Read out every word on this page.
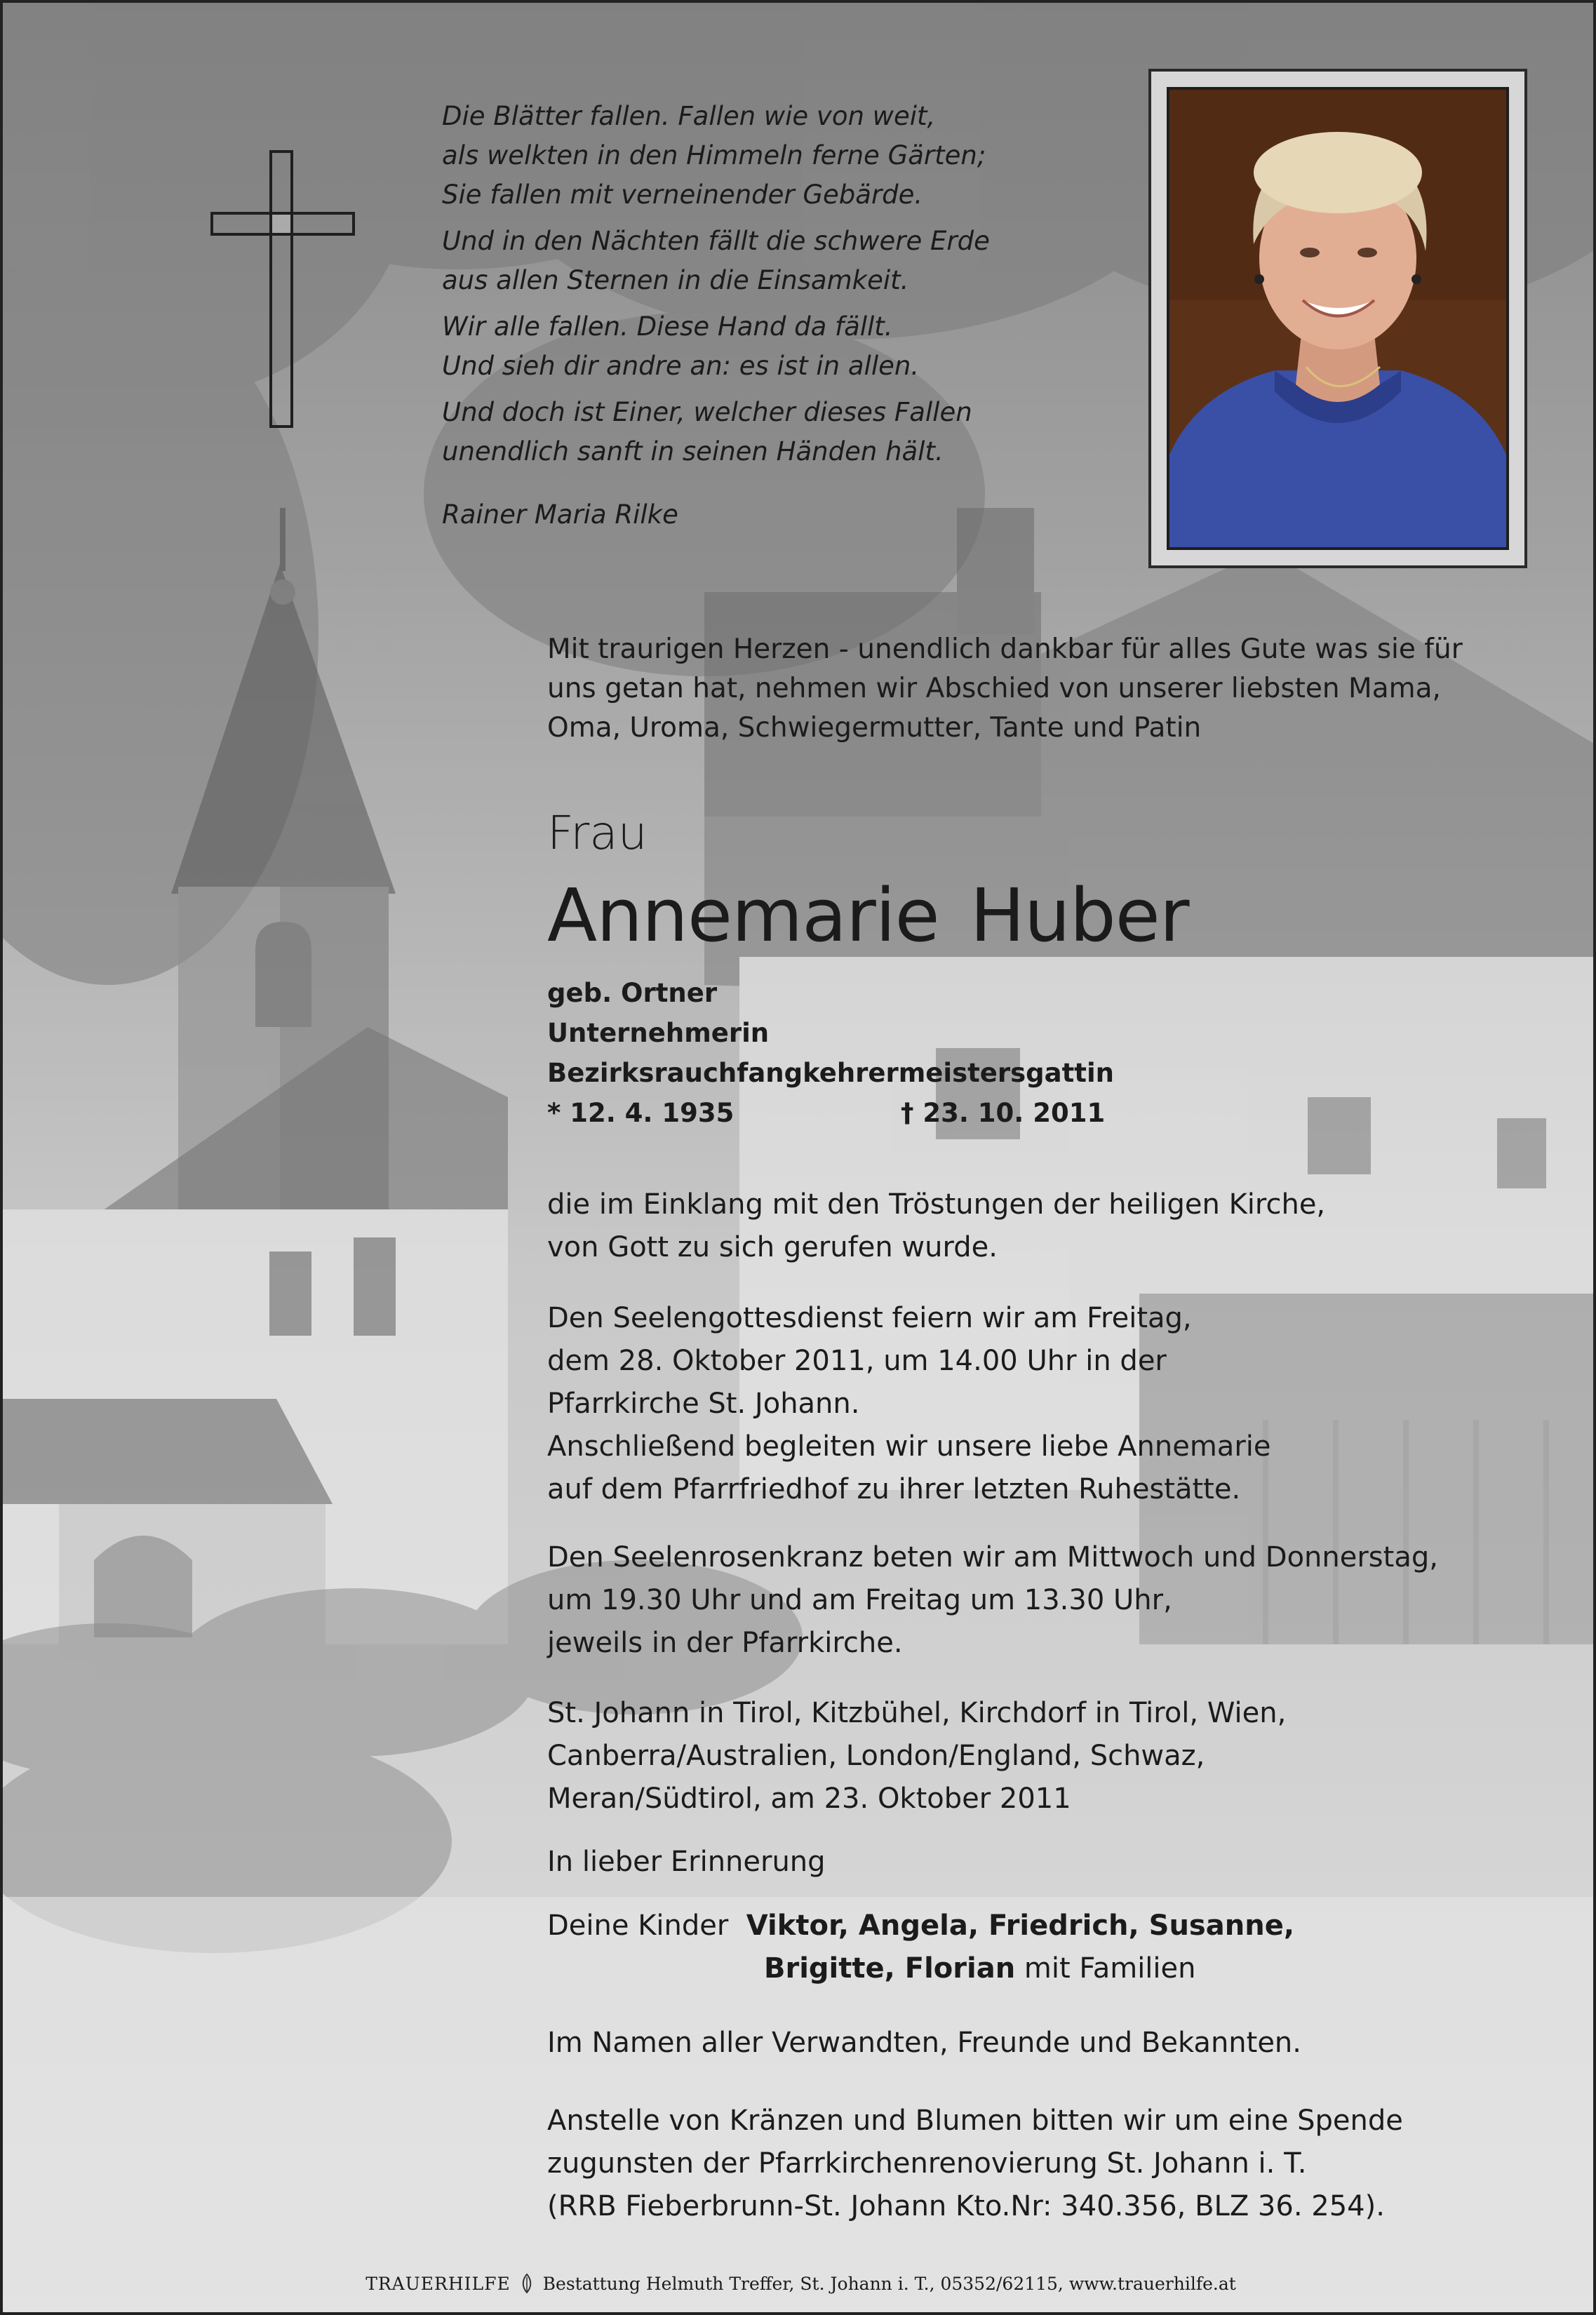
Die Blätter fallen. Fallen wie von weit,
als welkten in den Himmeln ferne Gärten;
Sie fallen mit verneinender Gebärde.
Und in den Nächten fällt die schwere Erde
aus allen Sternen in die Einsamkeit.
Wir alle fallen. Diese Hand da fällt.
Und sieh dir andre an: es ist in allen.
Und doch ist Einer, welcher dieses Fallen
unendlich sanft in seinen Händen hält.
Rainer Maria Rilke
Mit traurigen Herzen - unendlich dankbar für alles Gute was sie für
uns getan hat, nehmen wir Abschied von unserer liebsten Mama,
Oma, Uroma, Schwiegermutter, Tante und Patin
Frau
Annemarie Huber
geb. Ortner
Unternehmerin
Bezirksrauchfangkehrermeistersgattin
* 12. 4. 1935	† 23. 10. 2011
die im Einklang mit den Tröstungen der heiligen Kirche,
von Gott zu sich gerufen wurde.
Den Seelengottesdienst feiern wir am Freitag,
dem 28. Oktober 2011, um 14.00 Uhr in der
Pfarrkirche St. Johann.
Anschließend begleiten wir unsere liebe Annemarie
auf dem Pfarrfriedhof zu ihrer letzten Ruhestätte.
Den Seelenrosenkranz beten wir am Mittwoch und Donnerstag,
um 19.30 Uhr und am Freitag um 13.30 Uhr,
jeweils in der Pfarrkirche.
St. Johann in Tirol, Kitzbühel, Kirchdorf in Tirol, Wien,
Canberra/Australien, London/England, Schwaz,
Meran/Südtirol, am 23. Oktober 2011
In lieber Erinnerung
Deine Kinder Viktor, Angela, Friedrich, Susanne,
Brigitte, Florian mit Familien
Im Namen aller Verwandten, Freunde und Bekannten.
Anstelle von Kränzen und Blumen bitten wir um eine Spende
zugunsten der Pfarrkirchenrenovierung St. Johann i. T.
(RRB Fieberbrunn-St. Johann Kto.Nr: 340.356, BLZ 36. 254).
TRAUERHILFE Bestattung Helmuth Treffer, St. Johann i. T., 05352/62115, www.trauerhilfe.at
